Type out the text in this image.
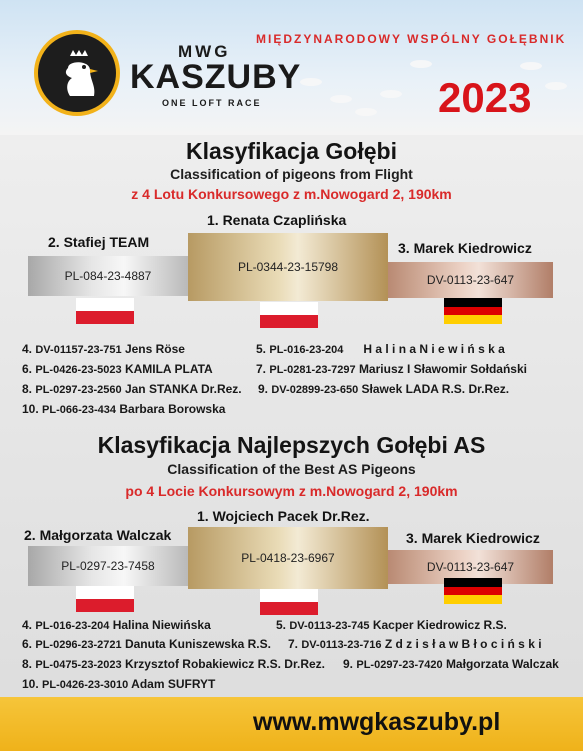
MWG
KASZUBY
ONE LOFT RACE
MIĘDZYNARODOWY WSPÓLNY GOŁĘBNIK
2023
Klasyfikacja Gołębi
Classification of pigeons from Flight
z 4 Lotu Konkursowego z m.Nowogard 2, 190km
1. Renata Czaplińska
2. Stafiej TEAM	3. Marek Kiedrowicz
PL-084-23-4887
PL-0344-23-15798
DV-0113-23-647
4. DV-01157-23-751 Jens Röse	5. PL-016-23-204 H a l i n a N i e w i ń s k a
6. PL-0426-23-5023 KAMILA PLATA	7. PL-0281-23-7297 Mariusz I Sławomir Sołdański
8. PL-0297-23-2560 Jan STANKA Dr.Rez. 9. DV-02899-23-650 Sławek LADA R.S. Dr.Rez.
10. PL-066-23-434 Barbara Borowska
Klasyfikacja Najlepszych Gołębi AS
Classification of the Best AS Pigeons
po 4 Locie Konkursowym z m.Nowogard 2, 190km
1. Wojciech Pacek Dr.Rez.
2. Małgorzata Walczak	3. Marek Kiedrowicz
PL-0297-23-7458
PL-0418-23-6967
DV-0113-23-647
4. PL-016-23-204 Halina Niewińska	5. DV-0113-23-745 Kacper Kiedrowicz R.S.
6. PL-0296-23-2721 Danuta Kuniszewska R.S. 7. DV-0113-23-716 Z d z i s ł a w B ł o c i ń s k i
8. PL-0475-23-2023 Krzysztof Robakiewicz R.S. Dr.Rez. 9. PL-0297-23-7420 Małgorzata Walczak
10. PL-0426-23-3010 Adam SUFRYT
www.mwgkaszuby.pl
